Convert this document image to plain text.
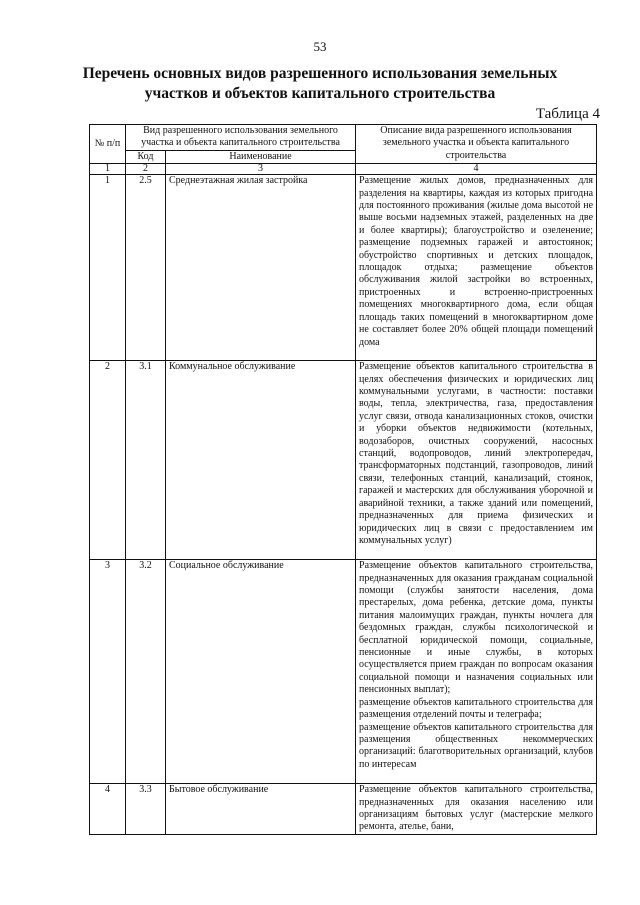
53
Перечень основных видов разрешенного использования земельных
участков и объектов капитального строительства
Таблица 4
№ п/п	Вид разрешенного использования земельного участка и объекта капитального строительства		Описание вида разрешенного использования земельного участка и объекта капитального строительства
	Код	Наименование	
1	2	3	4
1	2.5	Среднеэтажная жилая застройка	Размещение жилых домов, предназначенных для разделения на квартиры, каждая из которых пригодна для постоянного проживания (жилые дома высотой не выше восьми надземных этажей, разделенных на две и более квартиры); благоустройство и озеленение; размещение подземных гаражей и автостоянок; обустройство спортивных и детских площадок, площадок отдыха; размещение объектов обслуживания жилой застройки во встроенных, пристроенных и встроенно-пристроенных помещениях многоквартирного дома, если общая площадь таких помещений в многоквартирном доме не составляет более 20% общей площади помещений дома
2	3.1	Коммунальное обслуживание	Размещение объектов капитального строительства в целях обеспечения физических и юридических лиц коммунальными услугами, в частности: поставки воды, тепла, электричества, газа, предоставления услуг связи, отвода канализационных стоков, очистки и уборки объектов недвижимости (котельных, водозаборов, очистных сооружений, насосных станций, водопроводов, линий электропередач, трансформаторных подстанций, газопроводов, линий связи, телефонных станций, канализаций, стоянок, гаражей и мастерских для обслуживания уборочной и аварийной техники, а также зданий или помещений, предназначенных для приема физических и юридических лиц в связи с предоставлением им коммунальных услуг)
3	3.2	Социальное обслуживание	Размещение объектов капитального строительства, предназначенных для оказания гражданам социальной помощи (службы занятости населения, дома престарелых, дома ребенка, детские дома, пункты питания малоимущих граждан, пункты ночлега для бездомных граждан, службы психологической и бесплатной юридической помощи, социальные, пенсионные и иные службы, в которых осуществляется прием граждан по вопросам оказания социальной помощи и назначения социальных или пенсионных выплат);
размещение объектов капитального строительства для размещения отделений почты и телеграфа;
размещение объектов капитального строительства для размещения общественных некоммерческих организаций: благотворительных организаций, клубов по интересам

4	3.3	Бытовое обслуживание	Размещение объектов капитального строительства, предназначенных для оказания населению или организациям бытовых услуг (мастерские мелкого ремонта, ателье, бани,
